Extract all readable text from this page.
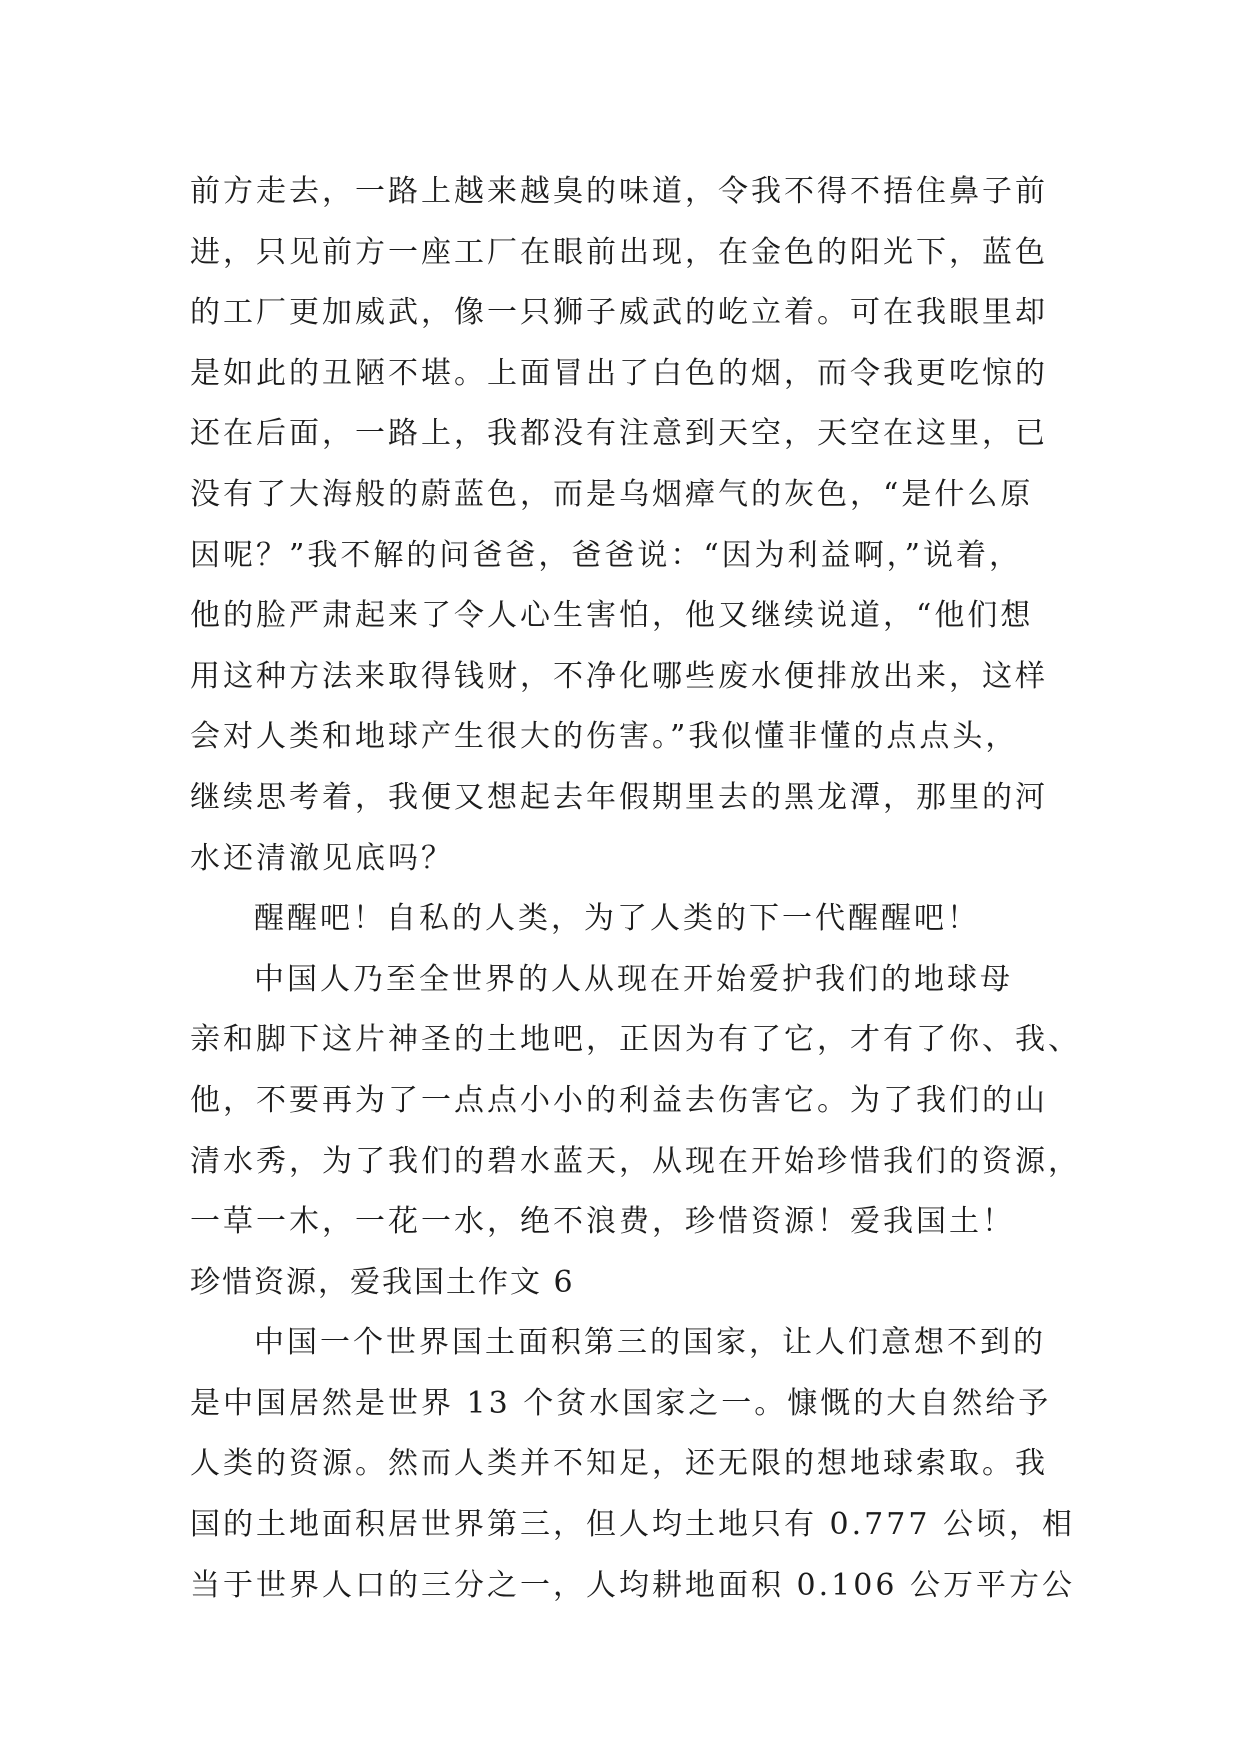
前方走去，一路上越来越臭的味道，令我不得不捂住鼻子前
进，只见前方一座工厂在眼前出现，在金色的阳光下，蓝色
的工厂更加威武，像一只狮子威武的屹立着。可在我眼里却
是如此的丑陋不堪。上面冒出了白色的烟，而令我更吃惊的
还在后面，一路上，我都没有注意到天空，天空在这里，已
没有了大海般的蔚蓝色，而是乌烟瘴气的灰色，“是什么原
因呢？”我不解的问爸爸，爸爸说：“因为利益啊，”说着，
他的脸严肃起来了令人心生害怕，他又继续说道，“他们想
用这种方法来取得钱财，不净化哪些废水便排放出来，这样
会对人类和地球产生很大的伤害。”我似懂非懂的点点头，
继续思考着，我便又想起去年假期里去的黑龙潭，那里的河
水还清澈见底吗？
醒醒吧！自私的人类，为了人类的下一代醒醒吧！
中国人乃至全世界的人从现在开始爱护我们的地球母
亲和脚下这片神圣的土地吧，正因为有了它，才有了你、我、
他，不要再为了一点点小小的利益去伤害它。为了我们的山
清水秀，为了我们的碧水蓝天，从现在开始珍惜我们的资源，
一草一木，一花一水，绝不浪费，珍惜资源！爱我国土！
珍惜资源，爱我国土作文 6
中国一个世界国土面积第三的国家，让人们意想不到的
是中国居然是世界 13 个贫水国家之一。慷慨的大自然给予
人类的资源。然而人类并不知足，还无限的想地球索取。我
国的土地面积居世界第三，但人均土地只有 0.777 公顷，相
当于世界人口的三分之一，人均耕地面积 0.106 公万平方公
